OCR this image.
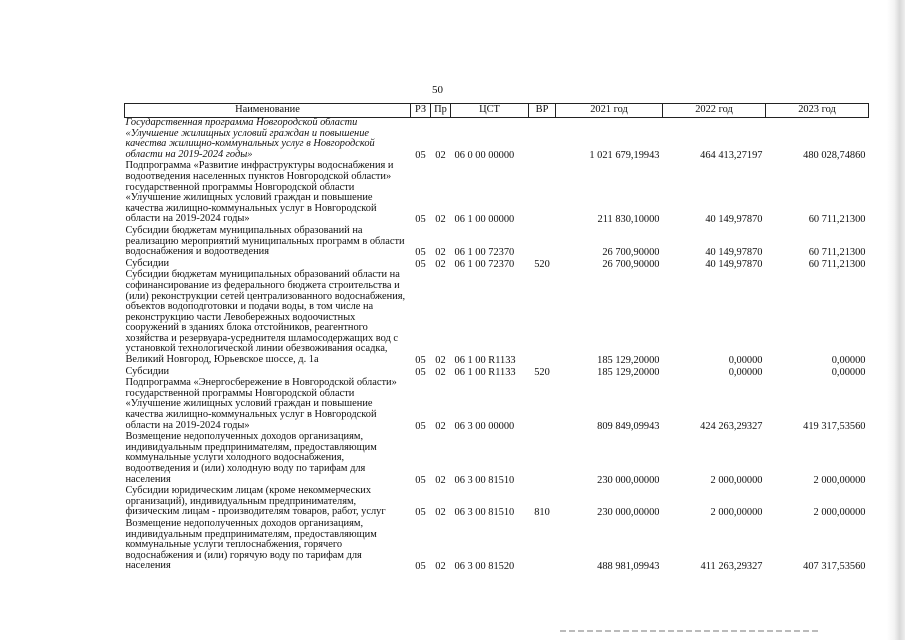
50
Наименование	РЗ	Пр	ЦСТ	ВР	2021 год	2022 год	2023 год
Государственная программа Новгородской области «Улучшение жилищных условий граждан и повышение качества жилищно-коммунальных услуг в Новгородской области на 2019-2024 годы»	05	02	06 0 00 00000		1 021 679,19943	464 413,27197	480 028,74860
Подпрограмма «Развитие инфраструктуры водоснабжения и водоотведения населенных пунктов Новгородской области» государственной программы Новгородской области «Улучшение жилищных условий граждан и повышение качества жилищно-коммунальных услуг в Новгородской области на 2019-2024 годы»	05	02	06 1 00 00000		211 830,10000	40 149,97870	60 711,21300
Субсидии бюджетам муниципальных образований на реализацию мероприятий муниципальных программ в области водоснабжения и водоотведения	05	02	06 1 00 72370		26 700,90000	40 149,97870	60 711,21300
Субсидии	05	02	06 1 00 72370	520	26 700,90000	40 149,97870	60 711,21300
Субсидии бюджетам муниципальных образований области на софинансирование из федерального бюджета строительства и (или) реконструкции сетей централизованного водоснабжения, объектов водоподготовки и подачи воды, в том числе на реконструкцию части Левобережных водоочистных сооружений в зданиях блока отстойников, реагентного хозяйства и резервуара-усреднителя шламосодержащих вод с установкой технологической линии обезвоживания осадка, Великий Новгород, Юрьевское шоссе, д. 1а	05	02	06 1 00 R1133		185 129,20000	0,00000	0,00000
Субсидии	05	02	06 1 00 R1133	520	185 129,20000	0,00000	0,00000
Подпрограмма «Энергосбережение в Новгородской области» государственной программы Новгородской области «Улучшение жилищных условий граждан и повышение качества жилищно-коммунальных услуг в Новгородской области на 2019-2024 годы»	05	02	06 3 00 00000		809 849,09943	424 263,29327	419 317,53560
Возмещение недополученных доходов организациям, индивидуальным предпринимателям, предоставляющим коммунальные услуги холодного водоснабжения, водоотведения и (или) холодную воду по тарифам для населения	05	02	06 3 00 81510		230 000,00000	2 000,00000	2 000,00000
Субсидии юридическим лицам (кроме некоммерческих организаций), индивидуальным предпринимателям, физическим лицам - производителям товаров, работ, услуг	05	02	06 3 00 81510	810	230 000,00000	2 000,00000	2 000,00000
Возмещение недополученных доходов организациям, индивидуальным предпринимателям, предоставляющим коммунальные услуги теплоснабжения, горячего водоснабжения и (или) горячую воду по тарифам для населения	05	02	06 3 00 81520		488 981,09943	411 263,29327	407 317,53560
